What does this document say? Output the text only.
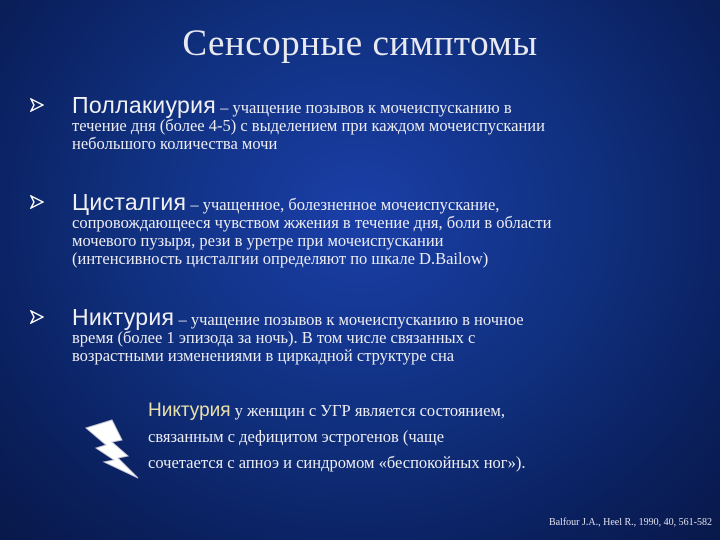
Сенсорные симптомы
Поллакиурия – учащение позывов к мочеиспусканию в
течение дня (более 4-5) с выделением при каждом мочеиспускании
небольшого количества мочи
Цисталгия – учащенное, болезненное мочеиспускание,
сопровождающееся чувством жжения в течение дня, боли в области
мочевого пузыря, рези в уретре при мочеиспускании
(интенсивность цисталгии определяют по шкале D.Bailow)
Никтурия – учащение позывов к мочеиспусканию в ночное
время (более 1 эпизода за ночь). В том числе связанных с
возрастными изменениями в циркадной структуре сна
Никтурия у женщин с УГР является состоянием,
связанным с дефицитом эстрогенов (чаще
сочетается с апноэ и синдромом «беспокойных ног»).
Balfour J.A., Heel R., 1990, 40, 561-582
